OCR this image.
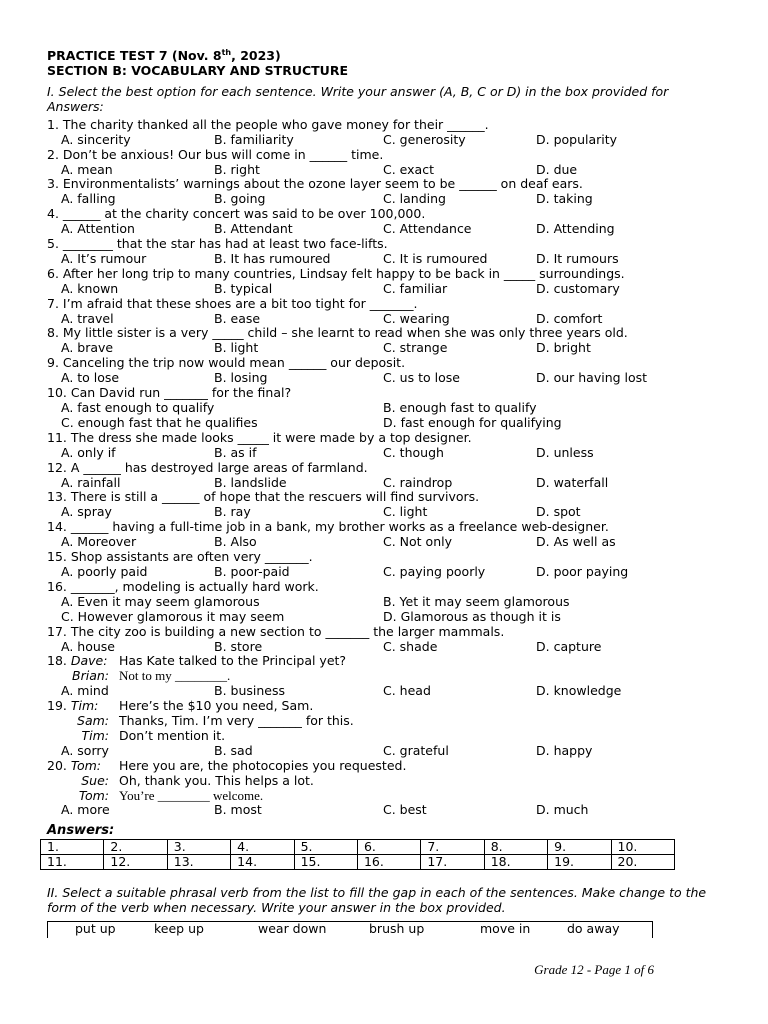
PRACTICE TEST 7 (Nov. 8th, 2023)

SECTION B: VOCABULARY AND STRUCTURE

I. Select the best option for each sentence. Write your answer (A, B, C or D) in the box provided for Answers:

1. The charity thanked all the people who gave money for their ______.
A. sincerity	B. familiarity	C. generosity	D. popularity
2. Don’t be anxious! Our bus will come in ______ time.
A. mean	B. right	C. exact	D. due
3. Environmentalists’ warnings about the ozone layer seem to be ______ on deaf ears.
A. falling	B. going	C. landing	D. taking
4. ______ at the charity concert was said to be over 100,000.
A. Attention	B. Attendant	C. Attendance	D. Attending
5. ________ that the star has had at least two face-lifts.
A. It’s rumour	B. It has rumoured	C. It is rumoured	D. It rumours
6. After her long trip to many countries, Lindsay felt happy to be back in _____ surroundings.
A. known	B. typical	C. familiar	D. customary
7. I’m afraid that these shoes are a bit too tight for _______.
A. travel	B. ease	C. wearing	D. comfort
8. My little sister is a very _____ child – she learnt to read when she was only three years old.
A. brave	B. light	C. strange	D. bright
9. Canceling the trip now would mean ______ our deposit.
A. to lose	B. losing	C. us to lose	D. our having lost
10. Can David run _______ for the final?
A. fast enough to qualify	B. enough fast to qualify
C. enough fast that he qualifies	D. fast enough for qualifying
11. The dress she made looks _____ it were made by a top designer.
A. only if	B. as if	C. though	D. unless
12. A ______ has destroyed large areas of farmland.
A. rainfall	B. landslide	C. raindrop	D. waterfall
13. There is still a ______ of hope that the rescuers will find survivors.
A. spray	B. ray	C. light	D. spot
14. ______ having a full-time job in a bank, my brother works as a freelance web-designer.
A. Moreover	B. Also	C. Not only	D. As well as
15. Shop assistants are often very _______.
A. poorly paid	B. poor-paid	C. paying poorly	D. poor paying
16. _______, modeling is actually hard work.
A. Even it may seem glamorous	B. Yet it may seem glamorous
C. However glamorous it may seem	D. Glamorous as though it is
17. The city zoo is building a new section to _______ the larger mammals.
A. house	B. store	C. shade	D. capture
18. Dave: Has Kate talked to the Principal yet?
Brian: Not to my ________.
A. mind	B. business	C. head	D. knowledge
19. Tim:	Here’s the $10 you need, Sam.
Sam: Thanks, Tim. I’m very _______ for this.
Tim: Don’t mention it.
A. sorry	B. sad	C. grateful	D. happy
20. Tom:	Here you are, the photocopies you requested.
Sue: Oh, thank you. This helps a lot.
Tom: You’re ________ welcome.
A. more	B. most	C. best	D. much
Answers:
1.	2.	3.	4.	5.	6.	7.	8.	9.	10.
11.	12.	13.	14.	15.	16.	17.	18.	19.	20.

II. Select a suitable phrasal verb from the list to fill the gap in each of the sentences. Make change to the form of the verb when necessary. Write your answer in the box provided.

put up	keep up	wear down	brush up	move in	do away
Grade 12 - Page 1 of 6
